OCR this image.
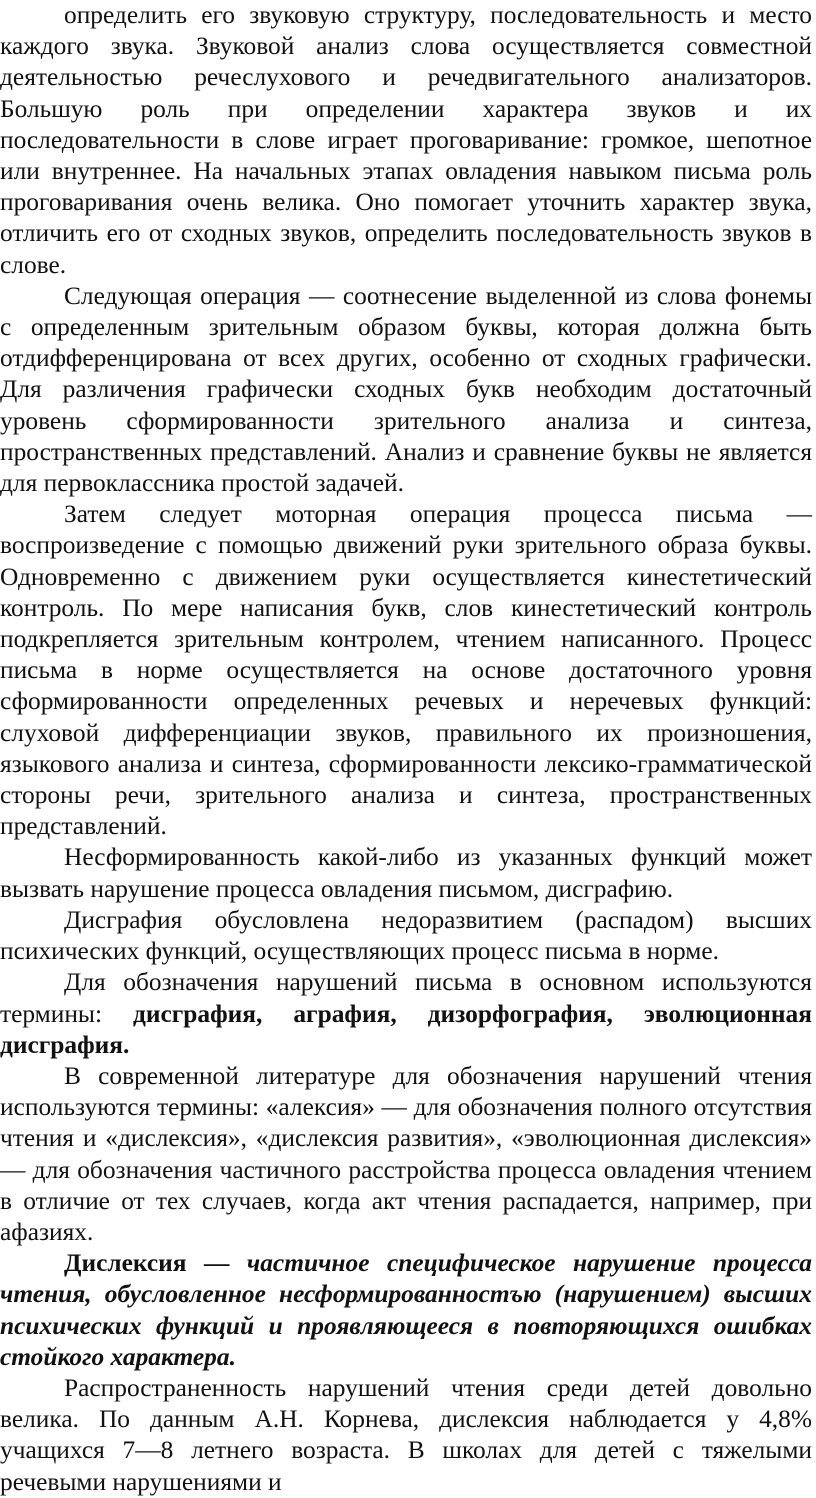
определить его звуковую структуру, последовательность и место каждого звука. Звуковой анализ слова осуществляется совместной деятельностью речеслухового и речедвигательного анализаторов. Большую роль при определении характера звуков и их последовательности в слове играет проговаривание: громкое, шепотное или внутреннее. На начальных этапах овладения навыком письма роль проговаривания очень велика. Оно помогает уточнить характер звука, отличить его от сходных звуков, определить последовательность звуков в слове.

Следующая операция — соотнесение выделенной из слова фонемы с определенным зрительным образом буквы, которая должна быть отдифференцирована от всех других, особенно от сходных графически. Для различения графически сходных букв необходим достаточный уровень сформированности зрительного анализа и синтеза, пространственных представлений. Анализ и сравнение буквы не является для первоклассника простой задачей.

Затем следует моторная операция процесса письма — воспроизведение с помощью движений руки зрительного образа буквы. Одновременно с движением руки осуществляется кинестетический контроль. По мере написания букв, слов кинестетический контроль подкрепляется зрительным контролем, чтением написанного. Процесс письма в норме осуществляется на основе достаточного уровня сформированности определенных речевых и неречевых функций: слуховой дифференциации звуков, правильного их произношения, языкового анализа и синтеза, сформированности лексико-грамматической стороны речи, зрительного анализа и синтеза, пространственных представлений.

Несформированность какой-либо из указанных функций может вызвать нарушение процесса овладения письмом, дисграфию.

Дисграфия обусловлена недоразвитием (распадом) высших психических функций, осуществляющих процесс письма в норме.

Для обозначения нарушений письма в основном используются термины: дисграфия, аграфия, дизорфография, эволюционная дисграфия.

В современной литературе для обозначения нарушений чтения используются термины: «алексия» — для обозначения полного отсутствия чтения и «дислексия», «дислексия развития», «эволюционная дислексия» — для обозначения частичного расстройства процесса овладения чтением в отличие от тех случаев, когда акт чтения распадается, например, при афазиях.

Дислексия — частичное специфическое нарушение процесса чтения, обусловленное несформированностъю (нарушением) высших психических функций и проявляющееся в повторяющихся ошибках стойкого характера.

Распространенность нарушений чтения среди детей довольно велика. По данным А.Н. Корнева, дислексия наблюдается у 4,8% учащихся 7—8 летнего возраста. В школах для детей с тяжелыми речевыми нарушениями и
